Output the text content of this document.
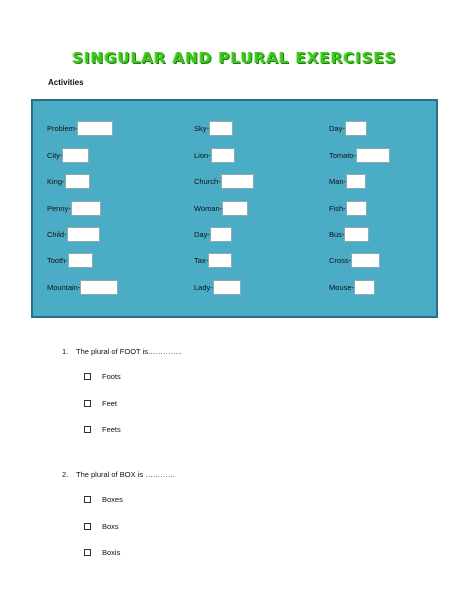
SINGULAR AND PLURAL EXERCISES
Activities
Problem-	Sky-	Day-
City-	Lion-	Tomato-
King-	Church-	Man-
Penny-	Woman-	Fish-
Child-	Day-	Bus-
Tooth-	Tax-	Cross-
Mountain-	Lady-	Mouse-
1. The plural of FOOT is…………..
Foots
Feet
Feets
2. The plural of BOX is …………
Boxes
Boxs
Boxis
